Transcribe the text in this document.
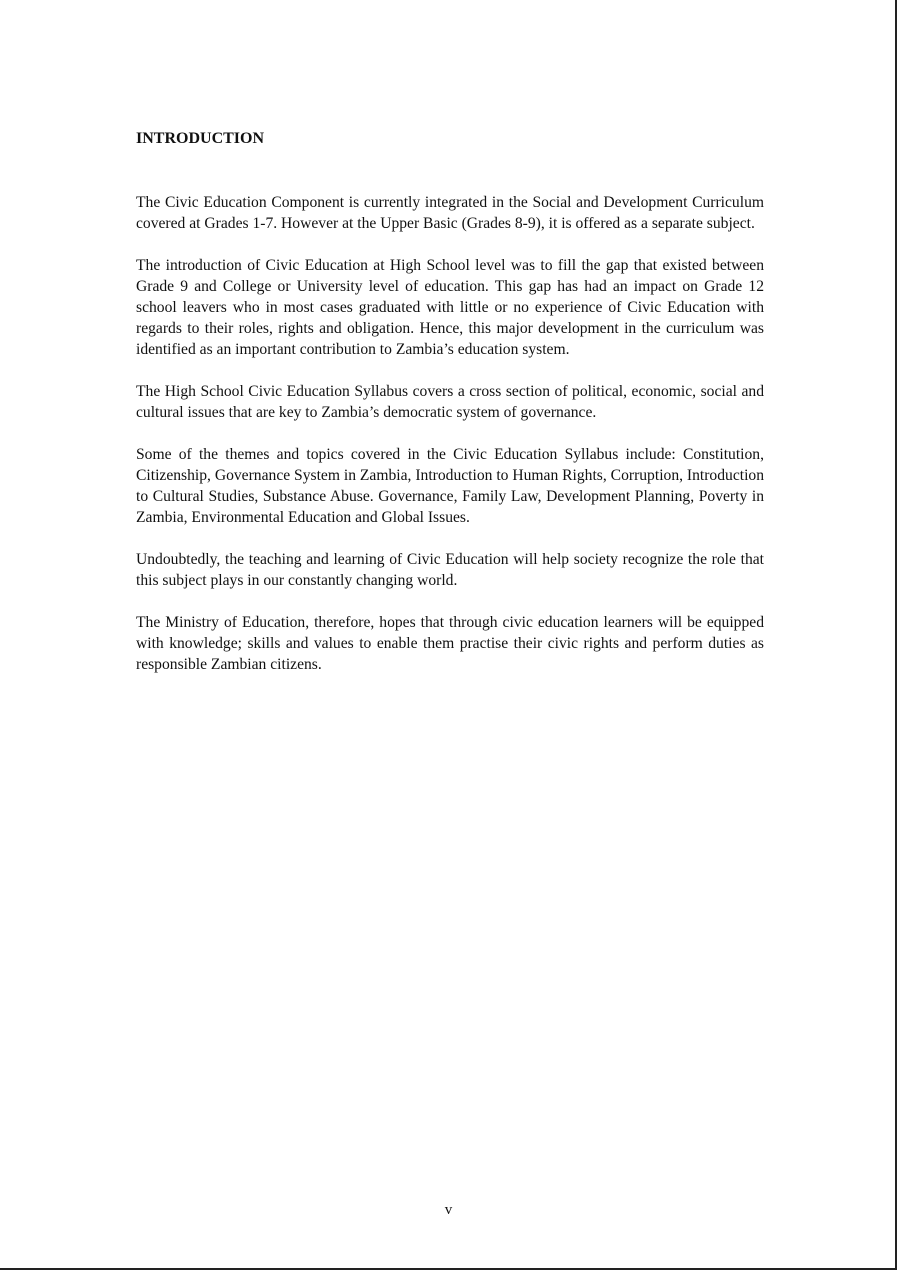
INTRODUCTION

The Civic Education Component is currently integrated in the Social and Development Curriculum covered at Grades 1-7. However at the Upper Basic (Grades 8-9), it is offered as a separate subject.

The introduction of Civic Education at High School level was to fill the gap that existed between Grade 9 and College or University level of education. This gap has had an impact on Grade 12 school leavers who in most cases graduated with little or no experience of Civic Education with regards to their roles, rights and obligation. Hence, this major development in the curriculum was identified as an important contribution to Zambia’s education system.

The High School Civic Education Syllabus covers a cross section of political, economic, social and cultural issues that are key to Zambia’s democratic system of governance.

Some of the themes and topics covered in the Civic Education Syllabus include: Constitution, Citizenship, Governance System in Zambia, Introduction to Human Rights, Corruption, Introduction to Cultural Studies, Substance Abuse. Governance, Family Law, Development Planning, Poverty in Zambia, Environmental Education and Global Issues.

Undoubtedly, the teaching and learning of Civic Education will help society recognize the role that this subject plays in our constantly changing world.

The Ministry of Education, therefore, hopes that through civic education learners will be equipped with knowledge; skills and values to enable them practise their civic rights and perform duties as responsible Zambian citizens.

v
